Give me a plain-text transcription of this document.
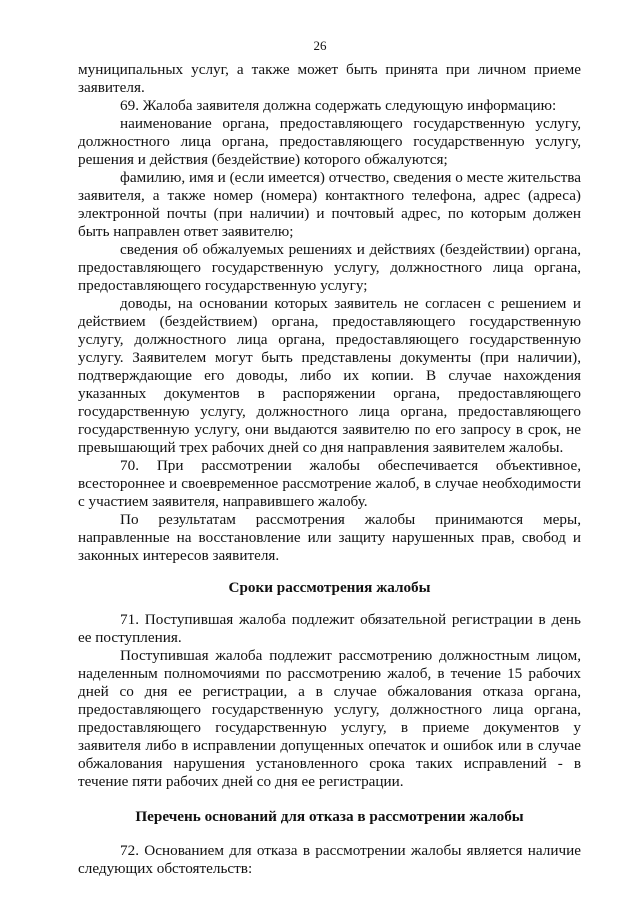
26

муниципальных услуг, а также может быть принята при личном приеме заявителя.

69. Жалоба заявителя должна содержать следующую информацию:

наименование органа, предоставляющего государственную услугу, должностного лица органа, предоставляющего государственную услугу, решения и действия (бездействие) которого обжалуются;

фамилию, имя и (если имеется) отчество, сведения о месте жительства заявителя, а также номер (номера) контактного телефона, адрес (адреса) электронной почты (при наличии) и почтовый адрес, по которым должен быть направлен ответ заявителю;

сведения об обжалуемых решениях и действиях (бездействии) органа, предоставляющего государственную услугу, должностного лица органа, предоставляющего государственную услугу;

доводы, на основании которых заявитель не согласен с решением и действием (бездействием) органа, предоставляющего государственную услугу, должностного лица органа, предоставляющего государственную услугу. Заявителем могут быть представлены документы (при наличии), подтверждающие его доводы, либо их копии. В случае нахождения указанных документов в распоряжении органа, предоставляющего государственную услугу, должностного лица органа, предоставляющего государственную услугу, они выдаются заявителю по его запросу в срок, не превышающий трех рабочих дней со дня направления заявителем жалобы.

70. При рассмотрении жалобы обеспечивается объективное, всестороннее и своевременное рассмотрение жалоб, в случае необходимости с участием заявителя, направившего жалобу.

По результатам рассмотрения жалобы принимаются меры, направленные на восстановление или защиту нарушенных прав, свобод и законных интересов заявителя.

Сроки рассмотрения жалобы

71. Поступившая жалоба подлежит обязательной регистрации в день ее поступления.

Поступившая жалоба подлежит рассмотрению должностным лицом, наделенным полномочиями по рассмотрению жалоб, в течение 15 рабочих дней со дня ее регистрации, а в случае обжалования отказа органа, предоставляющего государственную услугу, должностного лица органа, предоставляющего государственную услугу, в приеме документов у заявителя либо в исправлении допущенных опечаток и ошибок или в случае обжалования нарушения установленного срока таких исправлений - в течение пяти рабочих дней со дня ее регистрации.

Перечень оснований для отказа в рассмотрении жалобы

72. Основанием для отказа в рассмотрении жалобы является наличие следующих обстоятельств:
